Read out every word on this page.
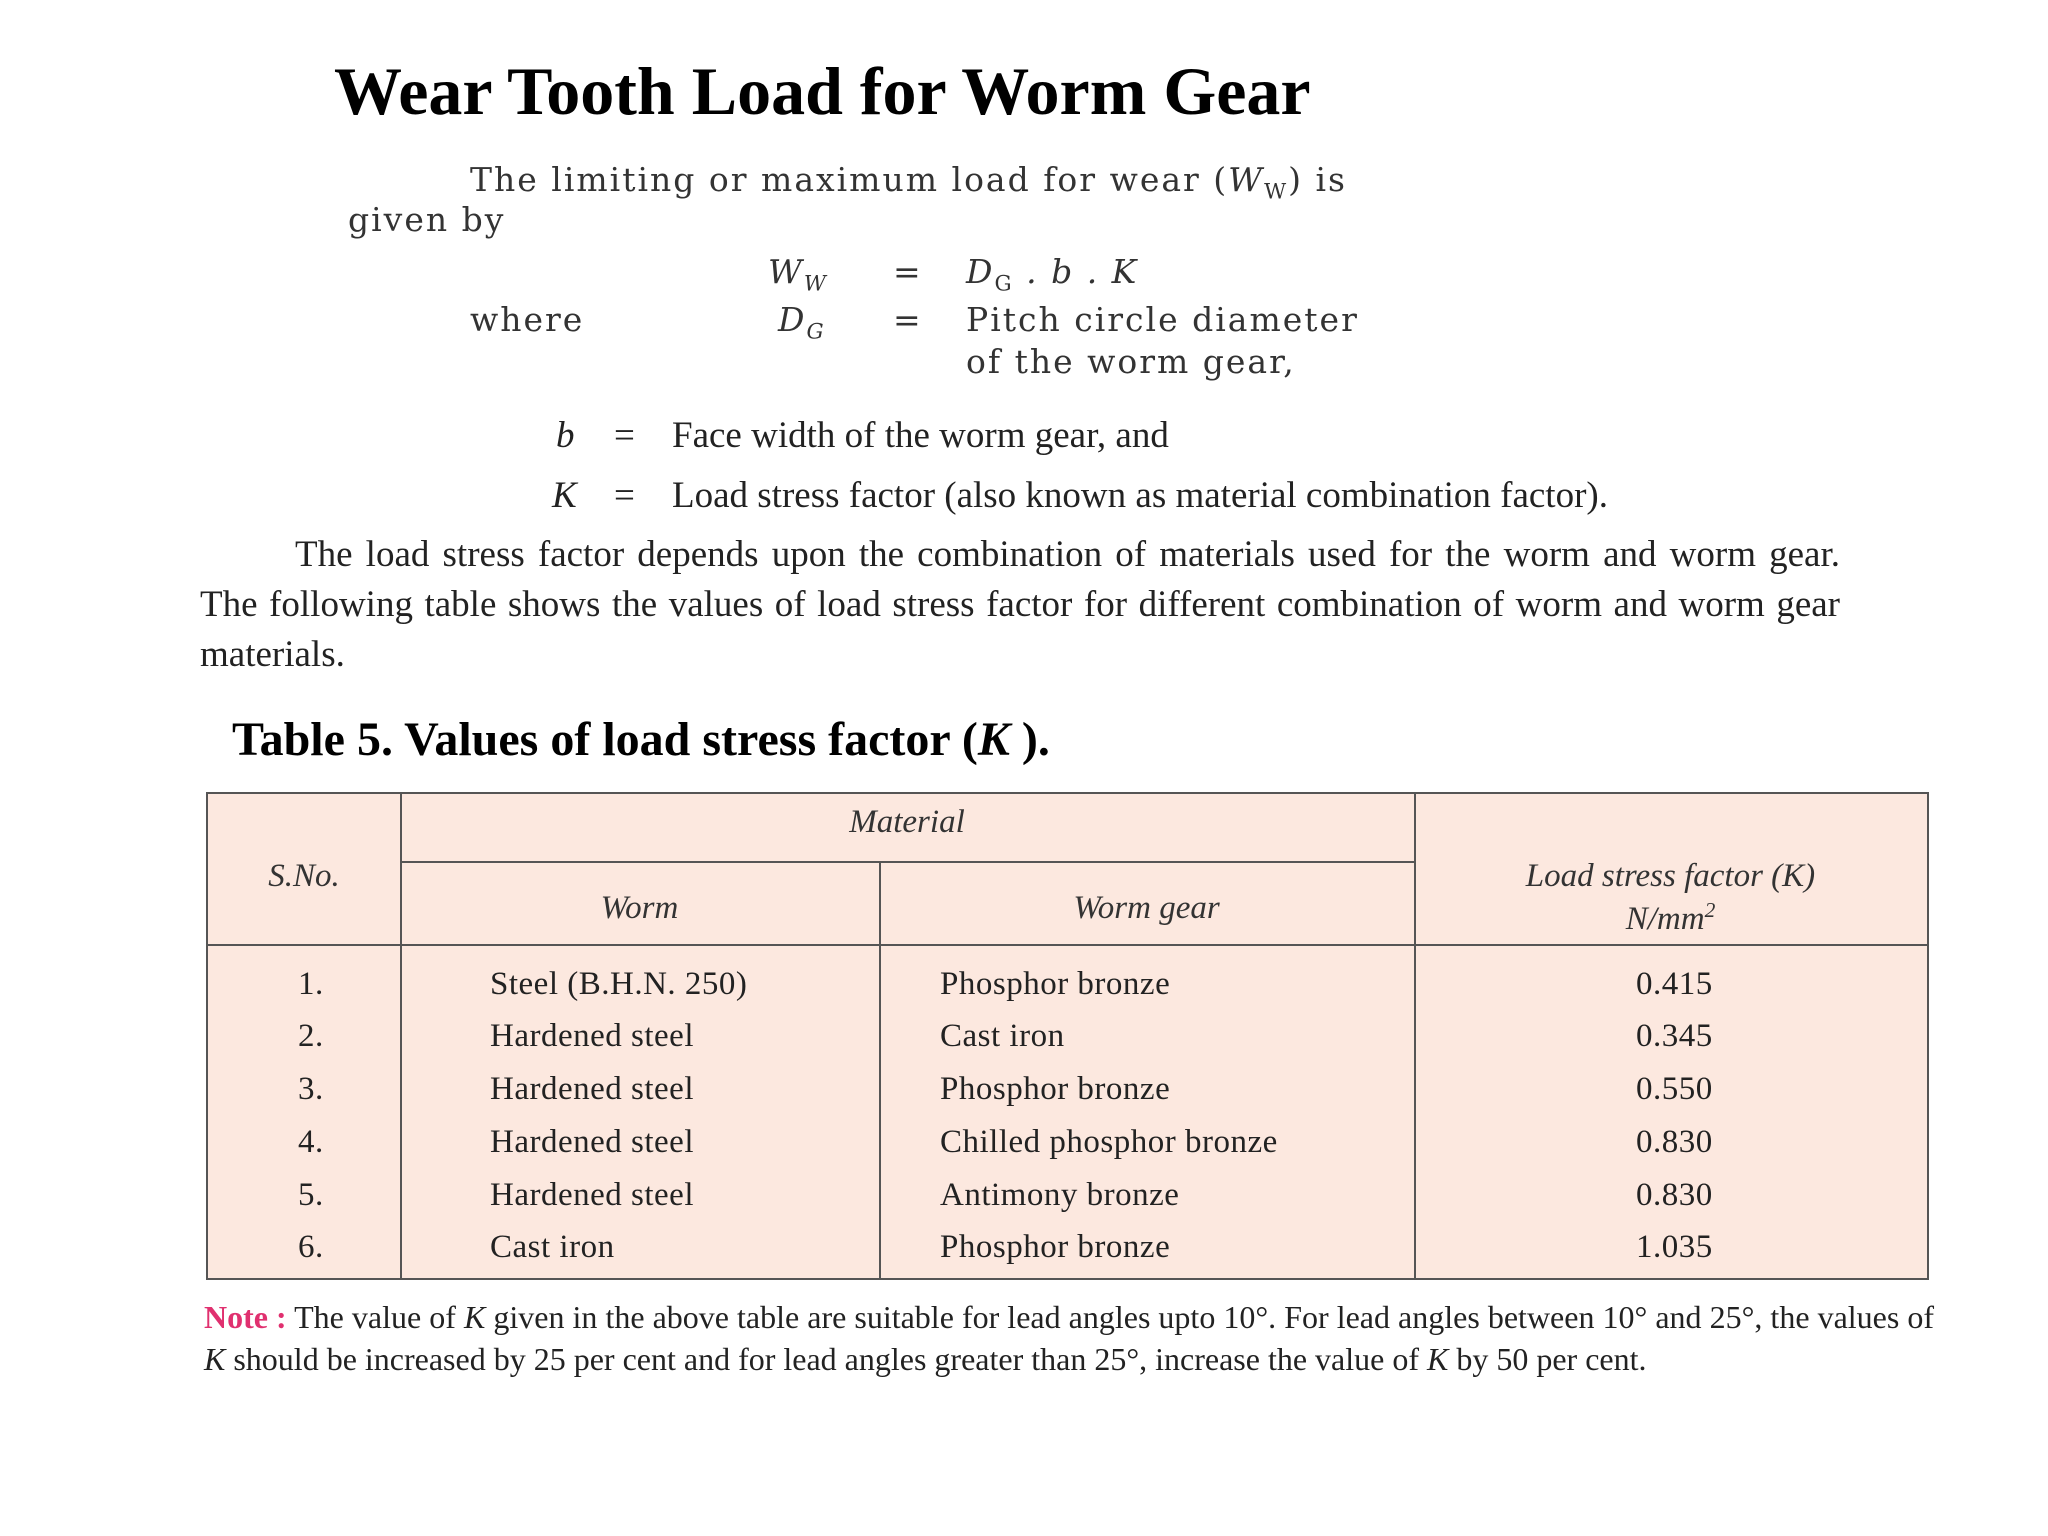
Wear Tooth Load for Worm Gear
The limiting or maximum load for wear $(W_W)$ is
given by
$W_W = D_G$ . b . K
where	$D_G$ = Pitch circle diameter
of the worm gear,
b = Face width of the worm gear, and
K = Load stress factor (also known as material combination factor).
The load stress factor depends upon the combination of materials used for the worm and worm gear. The following table shows the values of load stress factor for different combination of worm and worm gear materials.
Table 5. Values of load stress factor (K ).
S.No.
Material
Worm	Worm gear
Load stress factor (K)
$N/mm^2$
1.	Steel (B.H.N. 250)	Phosphor bronze	0.415
2.	Hardened steel	Cast iron	0.345
3.	Hardened steel	Phosphor bronze	0.550
4.	Hardened steel	Chilled phosphor bronze	0.830
5.	Hardened steel	Antimony bronze	0.830
6.	Cast iron	Phosphor bronze	1.035
Note : The value of K given in the above table are suitable for lead angles upto 10°. For lead angles between 10° and 25°, the values of K should be increased by 25 per cent and for lead angles greater than 25°, increase the value of K by 50 per cent.
